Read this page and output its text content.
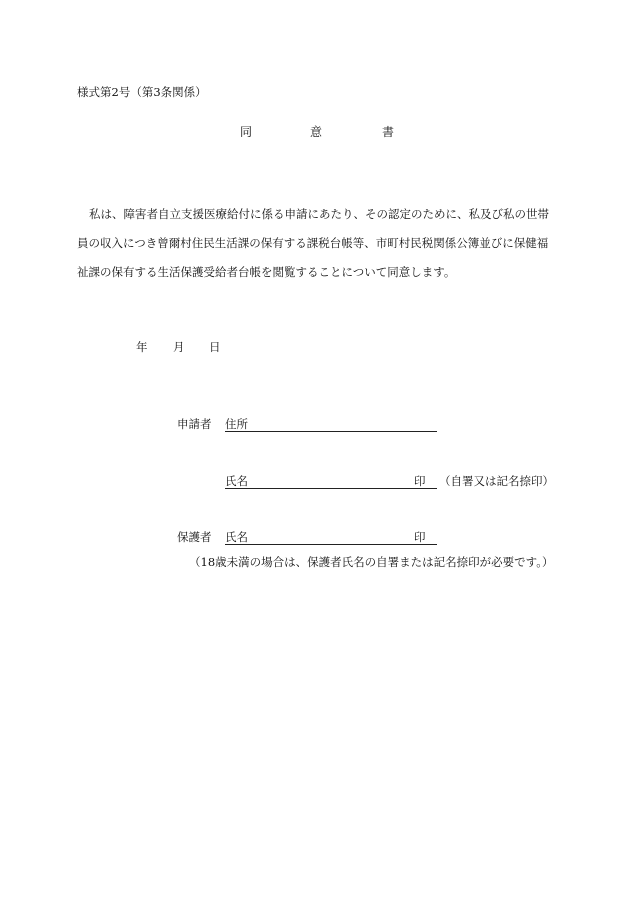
様式第2号（第3条関係）
同	意	書
私は、障害者自立支援医療給付に係る申請にあたり、その認定のために、私及び私の世帯
員の収入につき曾爾村住民生活課の保有する課税台帳等、市町村民税関係公簿並びに保健福
祉課の保有する生活保護受給者台帳を閲覧することについて同意します。
年 月 日
申請者 住所
氏名	印 （自署又は記名捺印）
保護者 氏名	印
（18歳未満の場合は、保護者氏名の自署または記名捺印が必要です。）
